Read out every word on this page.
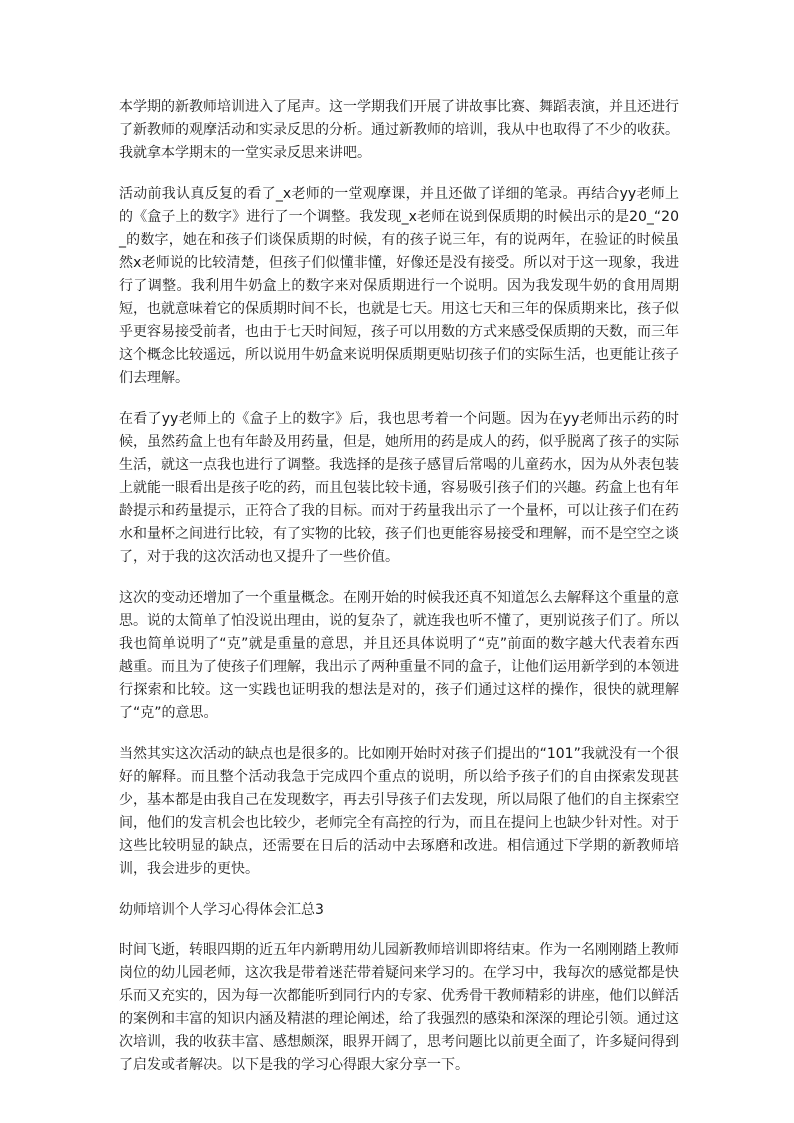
本学期的新教师培训进入了尾声。这一学期我们开展了讲故事比赛、舞蹈表演，并且还进行了新教师的观摩活动和实录反思的分析。通过新教师的培训，我从中也取得了不少的收获。我就拿本学期末的一堂实录反思来讲吧。

活动前我认真反复的看了_x老师的一堂观摩课，并且还做了详细的笔录。再结合yy老师上的《盒子上的数字》进行了一个调整。我发现_x老师在说到保质期的时候出示的是20_“20_的数字，她在和孩子们谈保质期的时候，有的孩子说三年，有的说两年，在验证的时候虽然x老师说的比较清楚，但孩子们似懂非懂，好像还是没有接受。所以对于这一现象，我进行了调整。我利用牛奶盒上的数字来对保质期进行一个说明。因为我发现牛奶的食用周期短，也就意味着它的保质期时间不长，也就是七天。用这七天和三年的保质期来比，孩子似乎更容易接受前者，也由于七天时间短，孩子可以用数的方式来感受保质期的天数，而三年这个概念比较遥远，所以说用牛奶盒来说明保质期更贴切孩子们的实际生活，也更能让孩子们去理解。

在看了yy老师上的《盒子上的数字》后，我也思考着一个问题。因为在yy老师出示药的时候，虽然药盒上也有年龄及用药量，但是，她所用的药是成人的药，似乎脱离了孩子的实际生活，就这一点我也进行了调整。我选择的是孩子感冒后常喝的儿童药水，因为从外表包装上就能一眼看出是孩子吃的药，而且包装比较卡通，容易吸引孩子们的兴趣。药盒上也有年龄提示和药量提示，正符合了我的目标。而对于药量我出示了一个量杯，可以让孩子们在药水和量杯之间进行比较，有了实物的比较，孩子们也更能容易接受和理解，而不是空空之谈了，对于我的这次活动也又提升了一些价值。

这次的变动还增加了一个重量概念。在刚开始的时候我还真不知道怎么去解释这个重量的意思。说的太简单了怕没说出理由，说的复杂了，就连我也听不懂了，更别说孩子们了。所以我也简单说明了“克”就是重量的意思，并且还具体说明了“克”前面的数字越大代表着东西越重。而且为了使孩子们理解，我出示了两种重量不同的盒子，让他们运用新学到的本领进行探索和比较。这一实践也证明我的想法是对的，孩子们通过这样的操作，很快的就理解了“克”的意思。

当然其实这次活动的缺点也是很多的。比如刚开始时对孩子们提出的“101”我就没有一个很好的解释。而且整个活动我急于完成四个重点的说明，所以给予孩子们的自由探索发现甚少，基本都是由我自己在发现数字，再去引导孩子们去发现，所以局限了他们的自主探索空间，他们的发言机会也比较少，老师完全有高控的行为，而且在提问上也缺少针对性。对于这些比较明显的缺点，还需要在日后的活动中去琢磨和改进。相信通过下学期的新教师培训，我会进步的更快。

幼师培训个人学习心得体会汇总3

时间飞逝，转眼四期的近五年内新聘用幼儿园新教师培训即将结束。作为一名刚刚踏上教师岗位的幼儿园老师，这次我是带着迷茫带着疑问来学习的。在学习中，我每次的感觉都是快乐而又充实的，因为每一次都能听到同行内的专家、优秀骨干教师精彩的讲座，他们以鲜活的案例和丰富的知识内涵及精湛的理论阐述，给了我强烈的感染和深深的理论引领。通过这次培训，我的收获丰富、感想颇深，眼界开阔了，思考问题比以前更全面了，许多疑问得到了启发或者解决。以下是我的学习心得跟大家分享一下。
